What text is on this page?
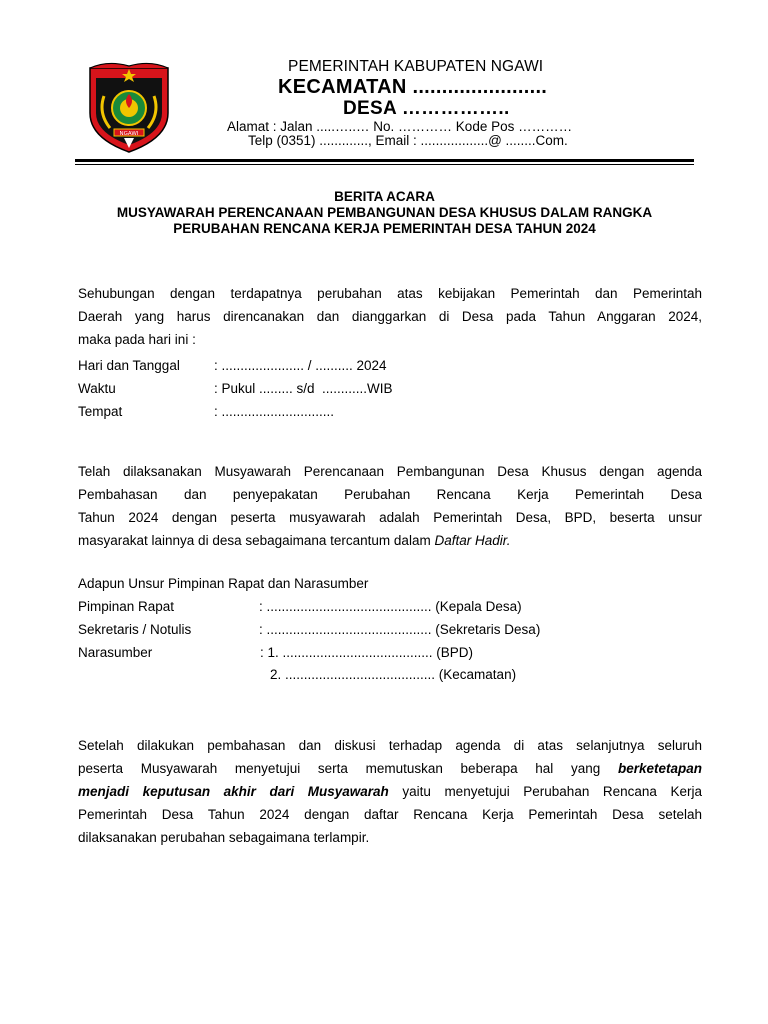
NGAWI
PEMERINTAH KABUPATEN NGAWI
KECAMATAN .......................
DESA ……………..
Alamat : Jalan .....…..… No. ………… Kode Pos …………
Telp (0351) ............., Email : ..................@ ........Com.
BERITA ACARA
MUSYAWARAH PERENCANAAN PEMBANGUNAN DESA KHUSUS DALAM RANGKA
PERUBAHAN RENCANA KERJA PEMERINTAH DESA TAHUN 2024
Sehubungan dengan terdapatnya perubahan atas kebijakan Pemerintah dan Pemerintah
Daerah yang harus direncanakan dan dianggarkan di Desa pada Tahun Anggaran 2024,
maka pada hari ini :
Hari dan Tanggal	: ...................... / .......... 2024
Waktu	: Pukul ......... s/d  ............WIB
Tempat	: ..............................
Telah dilaksanakan Musyawarah Perencanaan Pembangunan Desa Khusus dengan agenda
Pembahasan dan penyepakatan Perubahan Rencana Kerja Pemerintah Desa
Tahun 2024 dengan peserta musyawarah adalah Pemerintah Desa, BPD, beserta unsur
masyarakat lainnya di desa sebagaimana tercantum dalam Daftar Hadir.
Adapun Unsur Pimpinan Rapat dan Narasumber
Pimpinan Rapat	: ............................................ (Kepala Desa)
Sekretaris / Notulis	: ............................................ (Sekretaris Desa)
Narasumber	: 1. ........................................ (BPD)
2. ........................................ (Kecamatan)
Setelah dilakukan pembahasan dan diskusi terhadap agenda di atas selanjutnya seluruh
peserta Musyawarah menyetujui serta memutuskan beberapa hal yang berketetapan
menjadi keputusan akhir dari Musyawarah yaitu menyetujui Perubahan Rencana Kerja
Pemerintah Desa Tahun 2024 dengan daftar Rencana Kerja Pemerintah Desa setelah
dilaksanakan perubahan sebagaimana terlampir.
